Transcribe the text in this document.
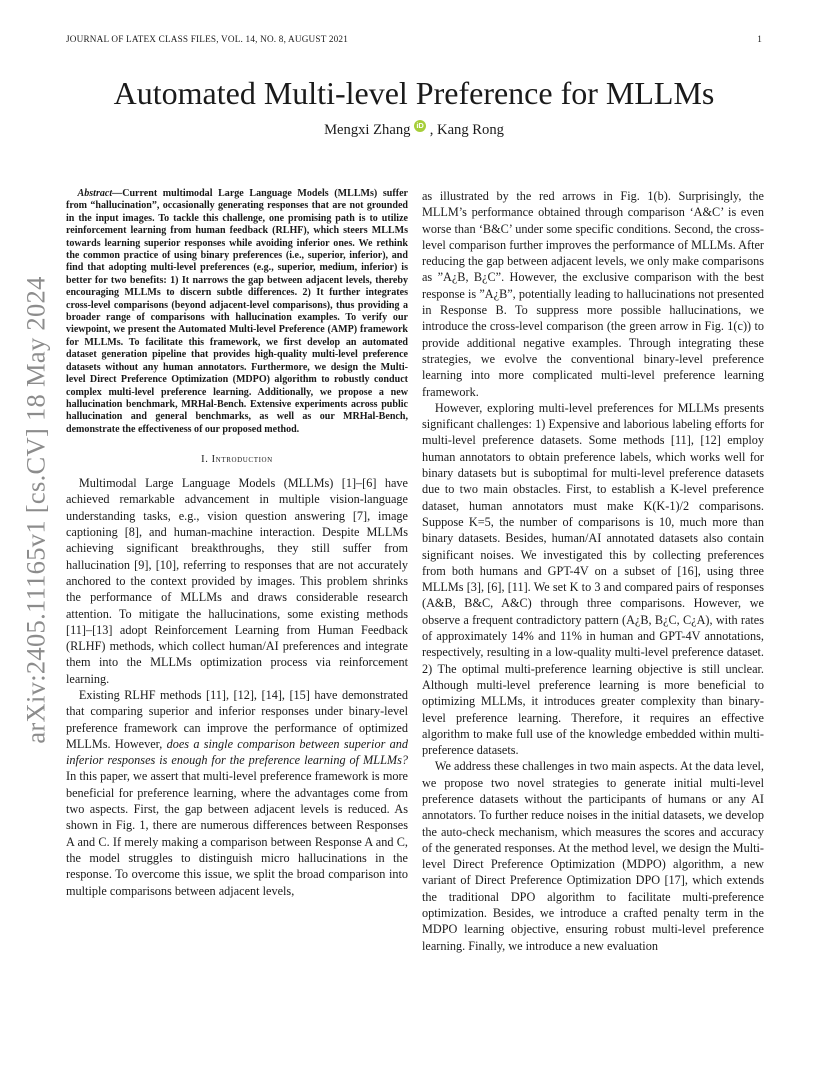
JOURNAL OF LATEX CLASS FILES, VOL. 14, NO. 8, AUGUST 2021	1
Automated Multi-level Preference for MLLMs
Mengxi Zhang iD , Kang Rong
arXiv:2405.11165v1 [cs.CV] 18 May 2024

Abstract—Current multimodal Large Language Models (MLLMs) suffer from “hallucination”, occasionally generating responses that are not grounded in the input images. To tackle this challenge, one promising path is to utilize reinforcement learning from human feedback (RLHF), which steers MLLMs towards learning superior responses while avoiding inferior ones. We rethink the common practice of using binary preferences (i.e., superior, inferior), and find that adopting multi-level preferences (e.g., superior, medium, inferior) is better for two benefits: 1) It narrows the gap between adjacent levels, thereby encouraging MLLMs to discern subtle differences. 2) It further integrates cross-level comparisons (beyond adjacent-level comparisons), thus providing a broader range of comparisons with hallucination examples. To verify our viewpoint, we present the Automated Multi-level Preference (AMP) framework for MLLMs. To facilitate this framework, we first develop an automated dataset generation pipeline that provides high-quality multi-level preference datasets without any human annotators. Furthermore, we design the Multi-level Direct Preference Optimization (MDPO) algorithm to robustly conduct complex multi-level preference learning. Additionally, we propose a new hallucination benchmark, MRHal-Bench. Extensive experiments across public hallucination and general benchmarks, as well as our MRHal-Bench, demonstrate the effectiveness of our proposed method.

I. Introduction

Multimodal Large Language Models (MLLMs) [1]–[6] have achieved remarkable advancement in multiple vision-language understanding tasks, e.g., vision question answering [7], image captioning [8], and human-machine interaction. Despite MLLMs achieving significant breakthroughs, they still suffer from hallucination [9], [10], referring to responses that are not accurately anchored to the context provided by images. This problem shrinks the performance of MLLMs and draws considerable research attention. To mitigate the hallucinations, some existing methods [11]–[13] adopt Reinforcement Learning from Human Feedback (RLHF) methods, which collect human/AI preferences and integrate them into the MLLMs optimization process via reinforcement learning.

Existing RLHF methods [11], [12], [14], [15] have demonstrated that comparing superior and inferior responses under binary-level preference framework can improve the performance of optimized MLLMs. However, does a single comparison between superior and inferior responses is enough for the preference learning of MLLMs? In this paper, we assert that multi-level preference framework is more beneficial for preference learning, where the advantages come from two aspects. First, the gap between adjacent levels is reduced. As shown in Fig. 1, there are numerous differences between Responses A and C. If merely making a comparison between Response A and C, the model struggles to distinguish micro hallucinations in the response. To overcome this issue, we split the broad comparison into multiple comparisons between adjacent levels,

as illustrated by the red arrows in Fig. 1(b). Surprisingly, the MLLM’s performance obtained through comparison ‘A&C’ is even worse than ‘B&C’ under some specific conditions. Second, the cross-level comparison further improves the performance of MLLMs. After reducing the gap between adjacent levels, we only make comparisons as ”A¿B, B¿C”. However, the exclusive comparison with the best response is ”A¿B”, potentially leading to hallucinations not presented in Response B. To suppress more possible hallucinations, we introduce the cross-level comparison (the green arrow in Fig. 1(c)) to provide additional negative examples. Through integrating these strategies, we evolve the conventional binary-level preference learning into more complicated multi-level preference learning framework.

However, exploring multi-level preferences for MLLMs presents significant challenges: 1) Expensive and laborious labeling efforts for multi-level preference datasets. Some methods [11], [12] employ human annotators to obtain preference labels, which works well for binary datasets but is suboptimal for multi-level preference datasets due to two main obstacles. First, to establish a K-level preference dataset, human annotators must make K(K-1)/2 comparisons. Suppose K=5, the number of comparisons is 10, much more than binary datasets. Besides, human/AI annotated datasets also contain significant noises. We investigated this by collecting preferences from both humans and GPT-4V on a subset of [16], using three MLLMs [3], [6], [11]. We set K to 3 and compared pairs of responses (A&B, B&C, A&C) through three comparisons. However, we observe a frequent contradictory pattern (A¿B, B¿C, C¿A), with rates of approximately 14% and 11% in human and GPT-4V annotations, respectively, resulting in a low-quality multi-level preference dataset. 2) The optimal multi-preference learning objective is still unclear. Although multi-level preference learning is more beneficial to optimizing MLLMs, it introduces greater complexity than binary-level preference learning. Therefore, it requires an effective algorithm to make full use of the knowledge embedded within multi-preference datasets.

We address these challenges in two main aspects. At the data level, we propose two novel strategies to generate initial multi-level preference datasets without the participants of humans or any AI annotators. To further reduce noises in the initial datasets, we develop the auto-check mechanism, which measures the scores and accuracy of the generated responses. At the method level, we design the Multi-level Direct Preference Optimization (MDPO) algorithm, a new variant of Direct Preference Optimization DPO [17], which extends the traditional DPO algorithm to facilitate multi-preference optimization. Besides, we introduce a crafted penalty term in the MDPO learning objective, ensuring robust multi-level preference learning. Finally, we introduce a new evaluation
